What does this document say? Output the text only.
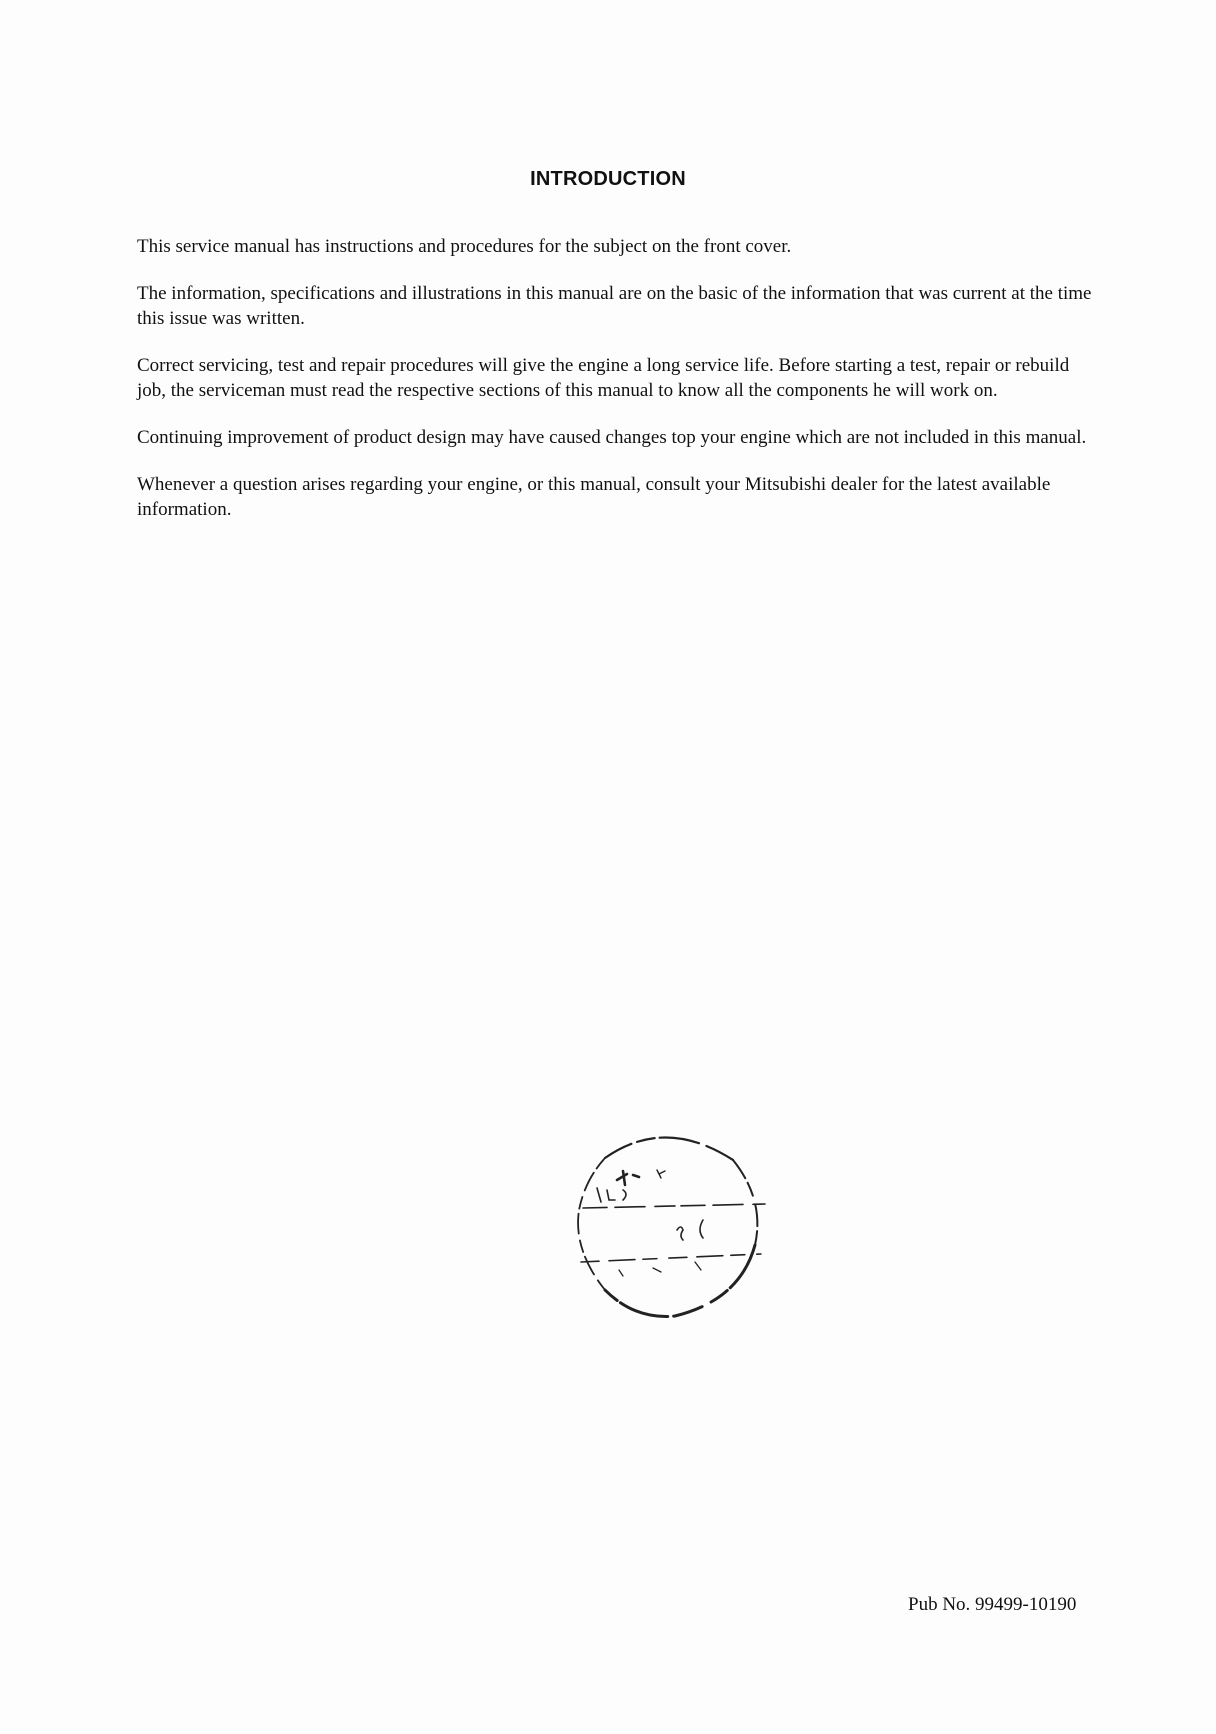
INTRODUCTION

This service manual has instructions and procedures for the subject on the front cover.

The information, specifications and illustrations in this manual are on the basic of the information that was current at the time this issue was written.

Correct servicing, test and repair procedures will give the engine a long service life. Before starting a test, repair or rebuild job, the serviceman must read the respective sections of this manual to know all the components he will work on.

Continuing improvement of product design may have caused changes top your engine which are not included in this manual.

Whenever a question arises regarding your engine, or this manual, consult your Mitsubishi dealer for the latest available information.

Pub No. 99499-10190
